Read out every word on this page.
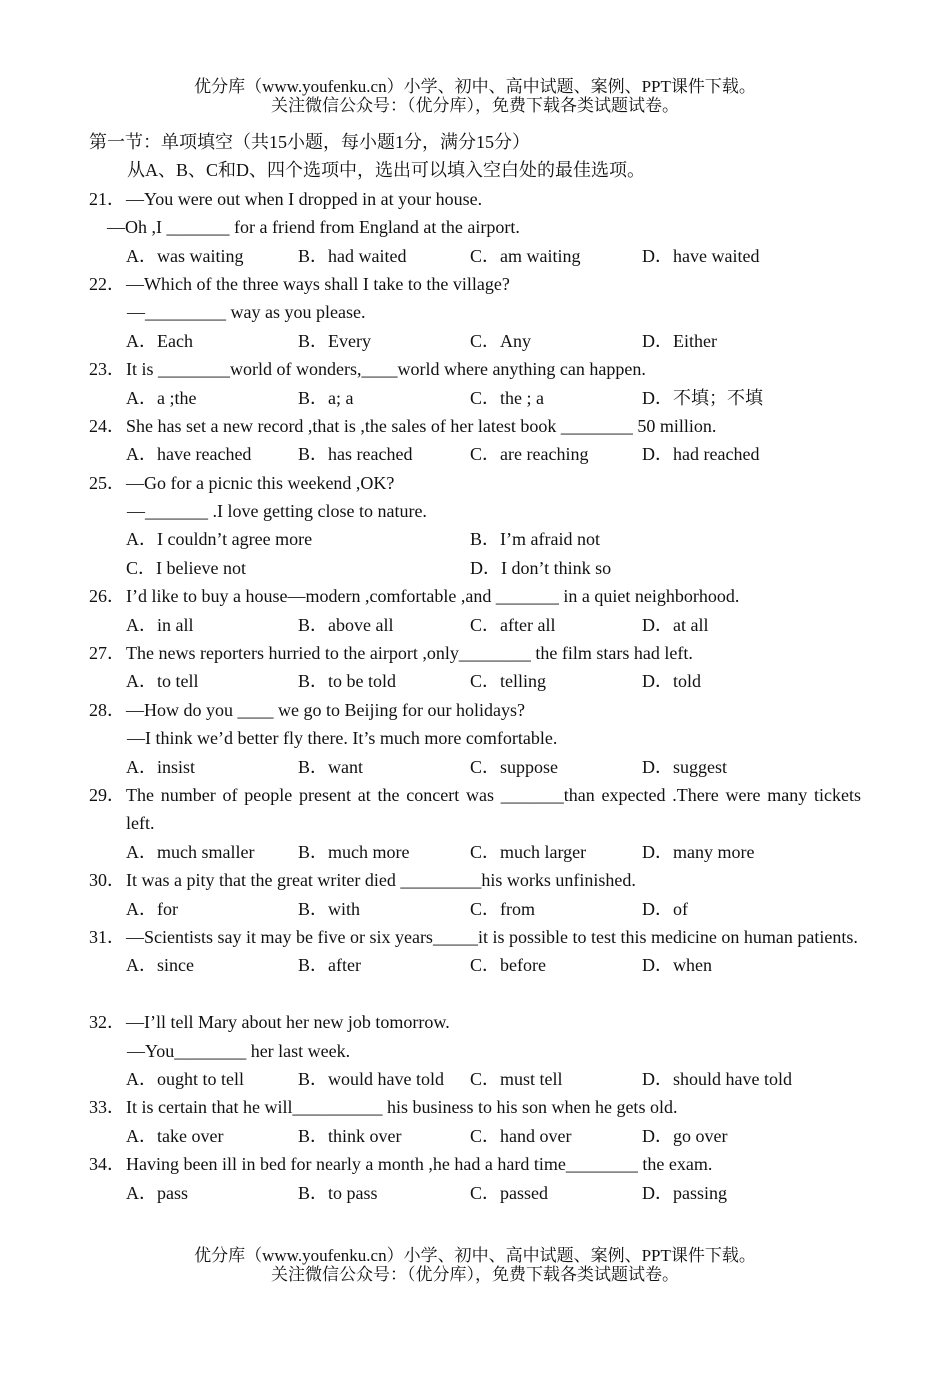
优分库（www.youfenku.cn）小学、初中、高中试题、案例、PPT课件下载。
关注微信公众号：（优分库），免费下载各类试题试卷。
第一节：单项填空（共15小题，每小题1分，满分15分）
从A、B、C和D、四个选项中，选出可以填入空白处的最佳选项。
21．—You were out when I dropped in at your house.
—Oh ,I _______ for a friend from England at the airport.
A．was waiting	B．had waited	C．am waiting	D．have waited
22．—Which of the three ways shall I take to the village?
—_________ way as you please.
A．Each	B．Every	C．Any	D．Either
23．It is ________world of wonders,____world where anything can happen.
A．a ;the	B．a; a	C．the ; a	D．不填；不填
24．She has set a new record ,that is ,the sales of her latest book ________ 50 million.
A．have reached	B．has reached	C．are reaching	D．had reached
25．—Go for a picnic this weekend ,OK?
—_______ .I love getting close to nature.
A．I couldn’t agree more	B．I’m afraid not
C．I believe not	D．I don’t think so
26．I’d like to buy a house—modern ,comfortable ,and _______ in a quiet neighborhood.
A．in all	B．above all	C．after all	D．at all
27．The news reporters hurried to the airport ,only________ the film stars had left.
A．to tell	B．to be told	C．telling	D．told
28．—How do you ____ we go to Beijing for our holidays?
—I think we’d better fly there. It’s much more comfortable.
A．insist	B．want	C．suppose	D．suggest
29．The number of people present at the concert was _______than expected .There were many tickets left.
A．much smaller B．much more	C．much larger	D．many more
30．It was a pity that the great writer died _________his works unfinished.
A．for	B．with	C．from	D．of
31．—Scientists say it may be five or six years_____it is possible to test this medicine on human patients.
A．since	B．after	C．before	D．when
32．—I’ll tell Mary about her new job tomorrow.
—You________ her last week.
A．ought to tell	B．would have told C．must tell	D．should have told
33．It is certain that he will__________ his business to his son when he gets old.
A．take over	B．think over	C．hand over	D．go over
34．Having been ill in bed for nearly a month ,he had a hard time________ the exam.
A．pass	B．to pass	C．passed	D．passing
优分库（www.youfenku.cn）小学、初中、高中试题、案例、PPT课件下载。
关注微信公众号：（优分库），免费下载各类试题试卷。
